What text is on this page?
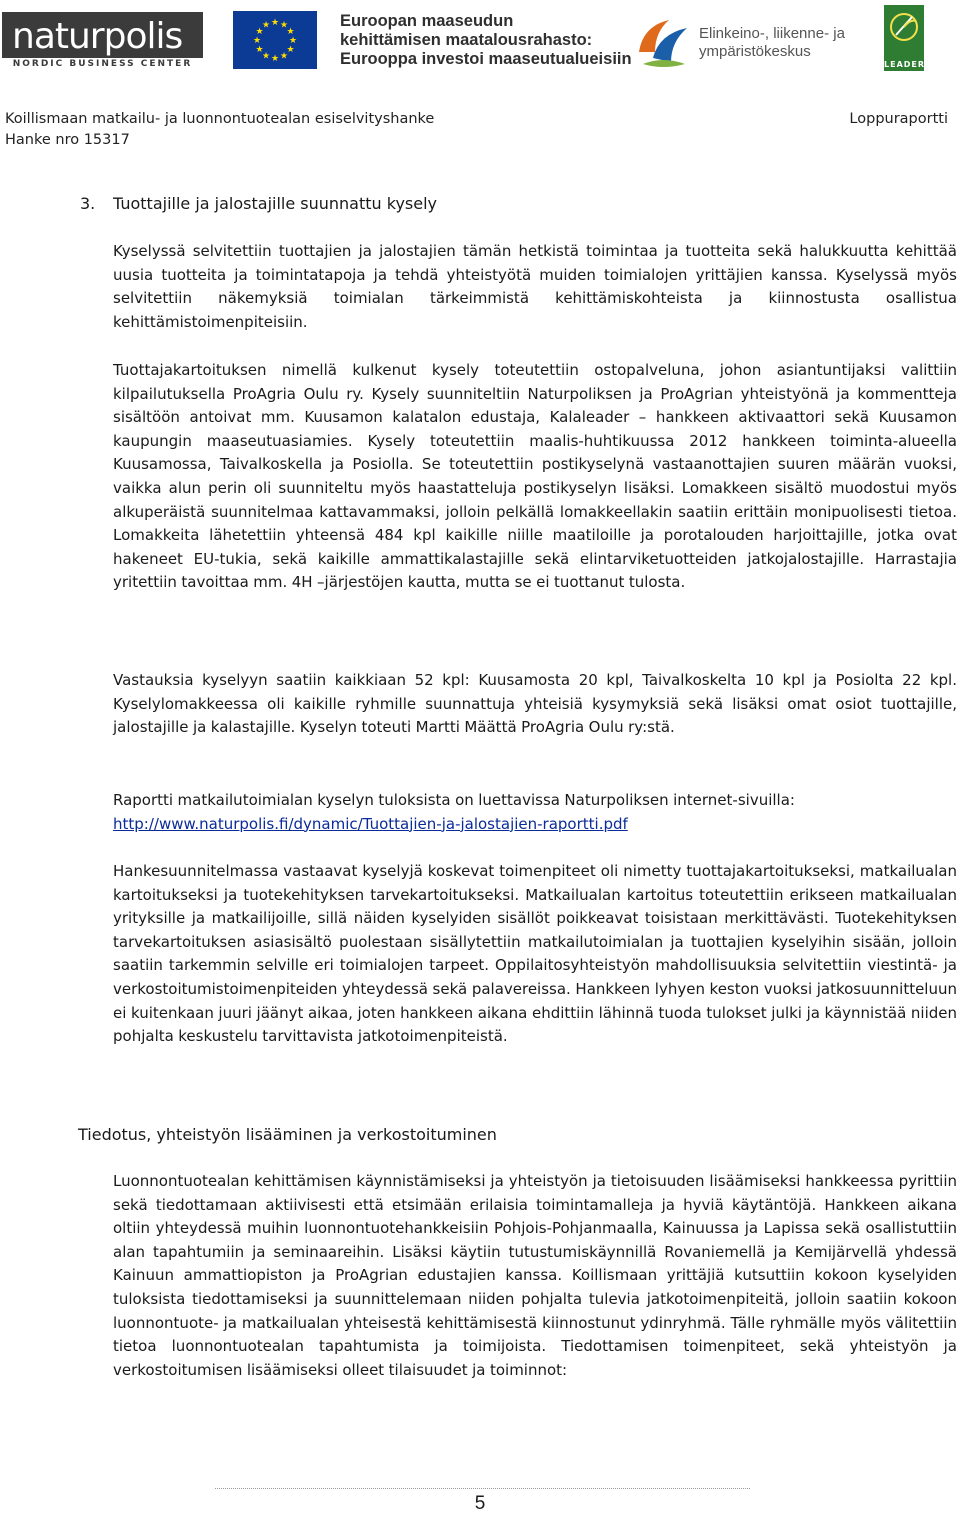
naturpolis
NORDIC BUSINESS CENTER
★ ★
★
★
★
★
★
★
★
★
★
★	Euroopan maaseudun
kehittämisen maatalousrahasto:
Eurooppa investoi maaseutualueisiin
Elinkeino-, liikenne- ja
ympäristökeskus
LEADER
Koillismaan matkailu- ja luonnontuotealan esiselvityshanke
Hanke nro 15317
Loppuraportti
3. Tuottajille ja jalostajille suunnattu kysely

Kyselyssä selvitettiin tuottajien ja jalostajien tämän hetkistä toimintaa ja tuotteita sekä halukkuutta kehittää uusia tuotteita ja toimintatapoja ja tehdä yhteistyötä muiden toimialojen yrittäjien kanssa. Kyselyssä myös selvitettiin näkemyksiä toimialan tärkeimmistä kehittämiskohteista ja kiinnostusta osallistua kehittämistoimenpiteisiin.

Tuottajakartoituksen nimellä kulkenut kysely toteutettiin ostopalveluna, johon asiantuntijaksi valittiin kilpailutuksella ProAgria Oulu ry. Kysely suunniteltiin Naturpoliksen ja ProAgrian yhteistyönä ja kommentteja sisältöön antoivat mm. Kuusamon kalatalon edustaja, Kalaleader – hankkeen aktivaattori sekä Kuusamon kaupungin maaseutuasiamies. Kysely toteutettiin maalis-huhtikuussa 2012 hankkeen toiminta-alueella Kuusamossa, Taivalkoskella ja Posiolla. Se toteutettiin postikyselynä vastaanottajien suuren määrän vuoksi, vaikka alun perin oli suunniteltu myös haastatteluja postikyselyn lisäksi. Lomakkeen sisältö muodostui myös alkuperäistä suunnitelmaa kattavammaksi, jolloin pelkällä lomakkeellakin saatiin erittäin monipuolisesti tietoa. Lomakkeita lähetettiin yhteensä 484 kpl kaikille niille maatiloille ja porotalouden harjoittajille, jotka ovat hakeneet EU-tukia, sekä kaikille ammattikalastajille sekä elintarviketuotteiden jatkojalostajille. Harrastajia yritettiin tavoittaa mm. 4H –järjestöjen kautta, mutta se ei tuottanut tulosta.

Vastauksia kyselyyn saatiin kaikkiaan 52 kpl: Kuusamosta 20 kpl, Taivalkoskelta 10 kpl ja Posiolta 22 kpl. Kyselylomakkeessa oli kaikille ryhmille suunnattuja yhteisiä kysymyksiä sekä lisäksi omat osiot tuottajille, jalostajille ja kalastajille. Kyselyn toteuti Martti Määttä ProAgria Oulu ry:stä.

Raportti matkailutoimialan kyselyn tuloksista on luettavissa Naturpoliksen internet-sivuilla:
http://www.naturpolis.fi/dynamic/Tuottajien-ja-jalostajien-raportti.pdf

Hankesuunnitelmassa vastaavat kyselyjä koskevat toimenpiteet oli nimetty tuottajakartoitukseksi, matkailualan kartoitukseksi ja tuotekehityksen tarvekartoitukseksi. Matkailualan kartoitus toteutettiin erikseen matkailualan yrityksille ja matkailijoille, sillä näiden kyselyiden sisällöt poikkeavat toisistaan merkittävästi. Tuotekehityksen tarvekartoituksen asiasisältö puolestaan sisällytettiin matkailutoimialan ja tuottajien kyselyihin sisään, jolloin saatiin tarkemmin selville eri toimialojen tarpeet. Oppilaitosyhteistyön mahdollisuuksia selvitettiin viestintä- ja verkostoitumistoimenpiteiden yhteydessä sekä palavereissa. Hankkeen lyhyen keston vuoksi jatkosuunnitteluun ei kuitenkaan juuri jäänyt aikaa, joten hankkeen aikana ehdittiin lähinnä tuoda tulokset julki ja käynnistää niiden pohjalta keskustelu tarvittavista jatkotoimenpiteistä.

Tiedotus, yhteistyön lisääminen ja verkostoituminen

Luonnontuotealan kehittämisen käynnistämiseksi ja yhteistyön ja tietoisuuden lisäämiseksi hankkeessa pyrittiin sekä tiedottamaan aktiivisesti että etsimään erilaisia toimintamalleja ja hyviä käytäntöjä. Hankkeen aikana oltiin yhteydessä muihin luonnontuotehankkeisiin Pohjois-Pohjanmaalla, Kainuussa ja Lapissa sekä osallistuttiin alan tapahtumiin ja seminaareihin. Lisäksi käytiin tutustumiskäynnillä Rovaniemellä ja Kemijärvellä yhdessä Kainuun ammattiopiston ja ProAgrian edustajien kanssa. Koillismaan yrittäjiä kutsuttiin kokoon kyselyiden tuloksista tiedottamiseksi ja suunnittelemaan niiden pohjalta tulevia jatkotoimenpiteitä, jolloin saatiin kokoon luonnontuote- ja matkailualan yhteisestä kehittämisestä kiinnostunut ydinryhmä. Tälle ryhmälle myös välitettiin tietoa luonnontuotealan tapahtumista ja toimijoista. Tiedottamisen toimenpiteet, sekä yhteistyön ja verkostoitumisen lisäämiseksi olleet tilaisuudet ja toiminnot:

5
